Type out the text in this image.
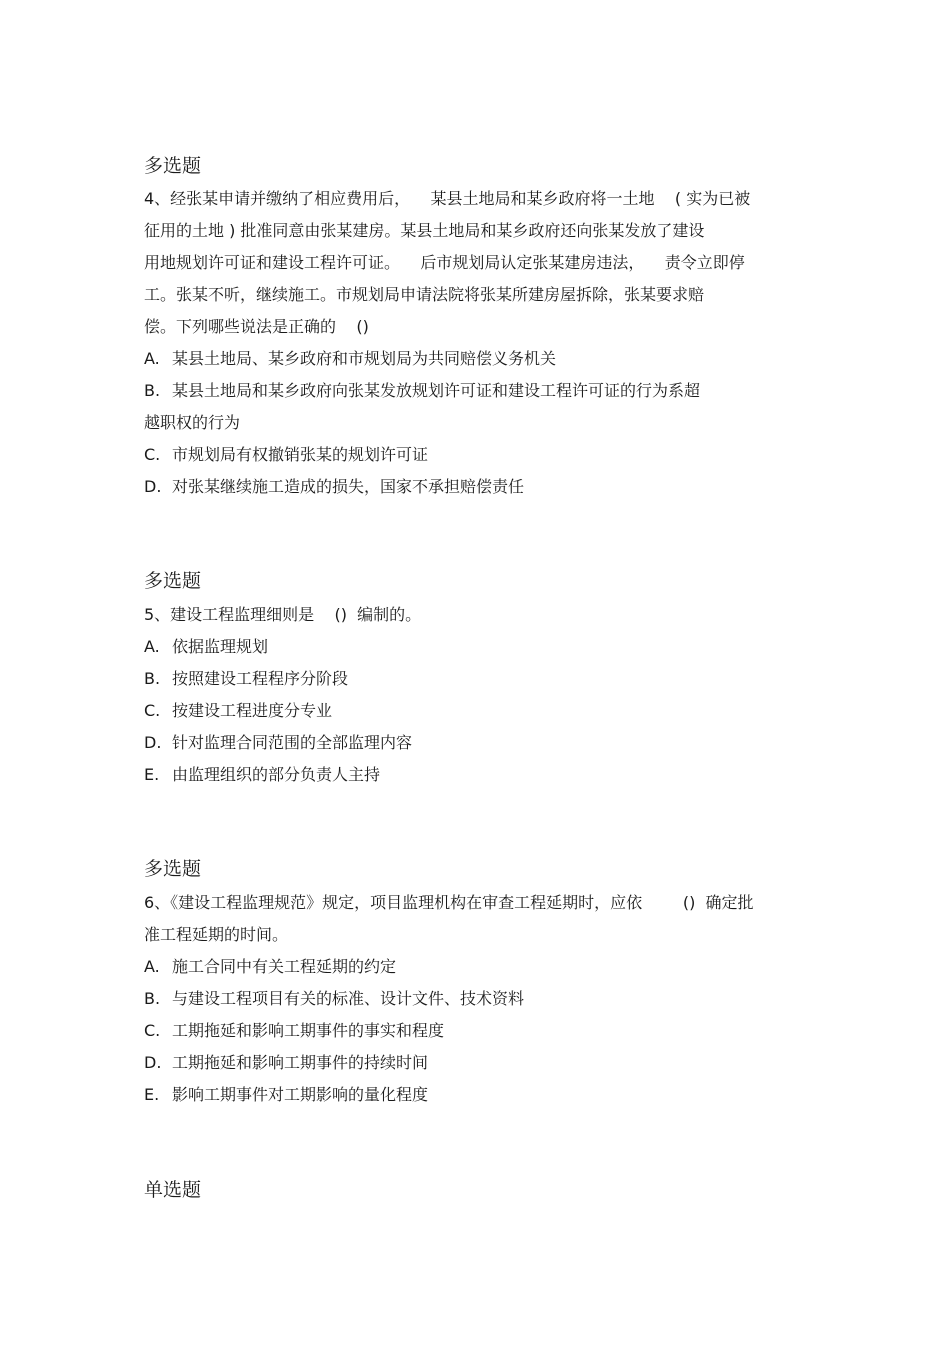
多选题
4、经张某申请并缴纳了相应费用后，    某县土地局和某乡政府将一土地    ( 实为已被
征用的土地 ) 批准同意由张某建房。某县土地局和某乡政府还向张某发放了建设
用地规划许可证和建设工程许可证。    后市规划局认定张某建房违法，    责令立即停
工。张某不听，继续施工。市规划局申请法院将张某所建房屋拆除，张某要求赔
偿。下列哪些说法是正确的    ()
A. 某县土地局、某乡政府和市规划局为共同赔偿义务机关
B. 某县土地局和某乡政府向张某发放规划许可证和建设工程许可证的行为系超
越职权的行为
C. 市规划局有权撤销张某的规划许可证
D. 对张某继续施工造成的损失，国家不承担赔偿责任
多选题
5、建设工程监理细则是    ()  编制的。
A. 依据监理规划
B. 按照建设工程程序分阶段
C. 按建设工程进度分专业
D. 针对监理合同范围的全部监理内容
E. 由监理组织的部分负责人主持
多选题
6、《建设工程监理规范》规定，项目监理机构在审查工程延期时，应依        ()  确定批
准工程延期的时间。
A. 施工合同中有关工程延期的约定
B. 与建设工程项目有关的标准、设计文件、技术资料
C. 工期拖延和影响工期事件的事实和程度
D. 工期拖延和影响工期事件的持续时间
E. 影响工期事件对工期影响的量化程度
单选题
